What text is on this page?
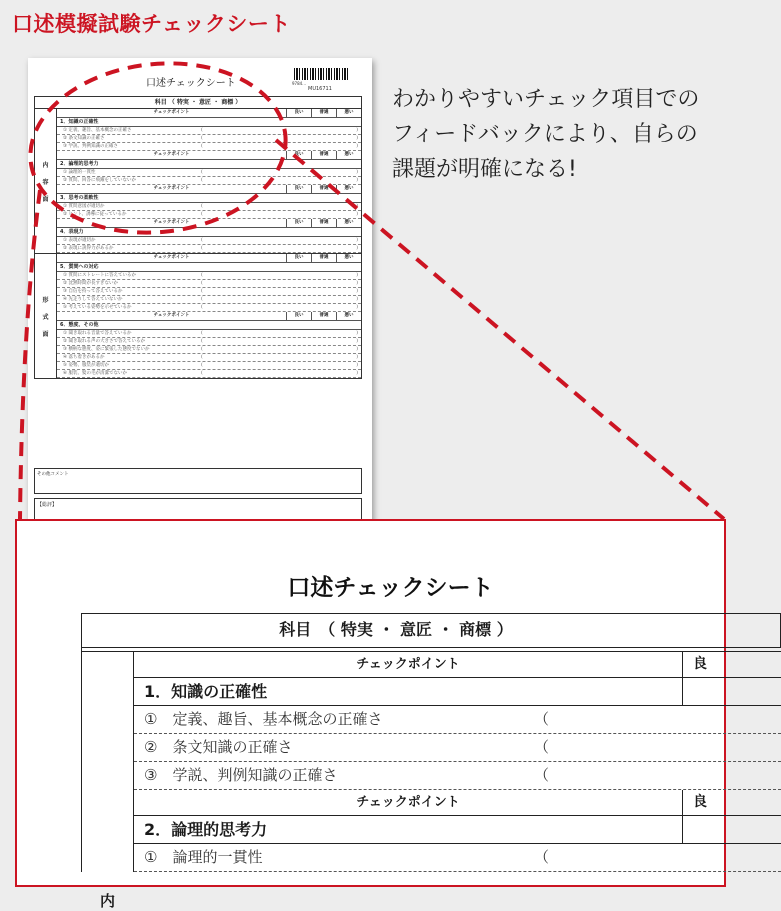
口述模擬試験チェックシート
わかりやすいチェック項目での
フィードバックにより、自らの
課題が明確になる!
口述チェックシート	9784...
MU16711
科目 （ 特実 ・ 意匠 ・ 商標 ）
内
容
面
チェックポイント	良い	普通	悪い
1．知識の正確性
① 定義、趣旨、基本概念の正確さ	(	)
② 条文知識の正確さ	(	)
③ 学説、判例知識の正確さ	(	)
チェックポイント	良い	普通	悪い
2．論理的思考力
① 論理的一貫性	(	)
② 質問、回答に飛躍をしていないか	(	)
チェックポイント	良い	普通	悪い
3．思考の柔軟性
① 質問意図が適切か	(	)
② ヒント、誘導に従っているか	(	)
チェックポイント	良い	普通	悪い
4．表現力
① 表現が適切か	(	)
② 表現に説得力があるか	(	)
形
式
面
チェックポイント	良い	普通	悪い
5．質問への対応
① 質問にストレートに答えているか	(	)
② 沈黙時間が長すぎないか	(	)
③ 自信を持って答えているか	(	)
④ 先走りして答えていないか	(	)
⑤ 考えている姿勢を示せているか	(	)
チェックポイント	良い	普通	悪い
6．態度、その他
① 聞き取れる音量で答えているか	(	)
② 聞き取れる声の大きさで答えているか	(	)
③ 横柄な態度、姿に緊張した態度でないか	(	)
④ 落ち着きがあるか	(	)
⑤ 姿勢、服装が適切か	(	)
⑥ 服装、髪の毛が清潔でないか	(	)
その他コメント
【総評】
口述チェックシート
科目　（ 特実 ・ 意匠 ・ 商標 ）
内
チェックポイント	良
1．知識の正確性
①　定義、趣旨、基本概念の正確さ	（
②　条文知識の正確さ	（
③　学説、判例知識の正確さ	（
チェックポイント	良
2．論理的思考力
①　論理的一貫性	（
